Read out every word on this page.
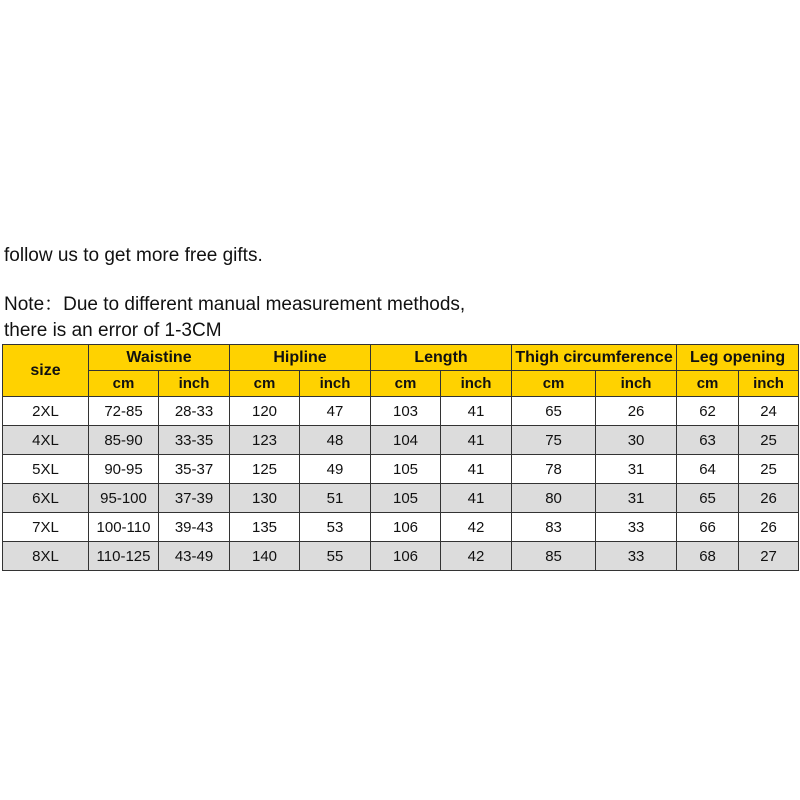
follow us to get more free gifts.
Note：Due to different manual measurement methods,
there is an error of 1-3CM
size	Waistine		Hipline		Length		Thigh circumference		Leg opening	
	cm	inch	cm	inch	cm	inch	cm	inch	cm	inch
2XL	72-85	28-33	120	47	103	41	65	26	62	24
4XL	85-90	33-35	123	48	104	41	75	30	63	25
5XL	90-95	35-37	125	49	105	41	78	31	64	25
6XL	95-100	37-39	130	51	105	41	80	31	65	26
7XL	100-110	39-43	135	53	106	42	83	33	66	26
8XL	110-125	43-49	140	55	106	42	85	33	68	27
